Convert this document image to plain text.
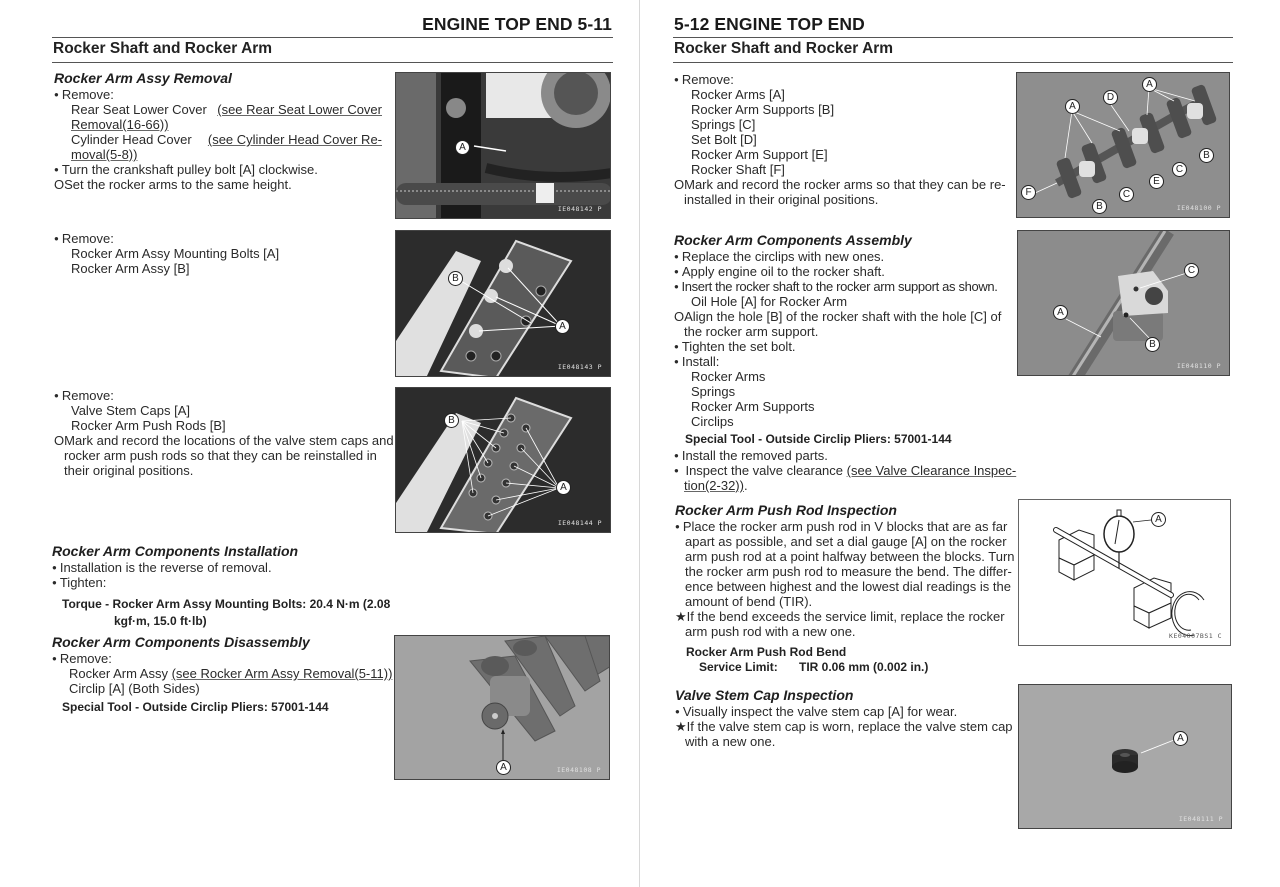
ENGINE TOP END 5-11
Rocker Shaft and Rocker Arm
Rocker Arm Assy Removal
● Remove:
Rear Seat Lower Cover (see Rear Seat Lower Cover
Removal(16-66))
Cylinder Head Cover (see Cylinder Head Cover Re-
moval(5-8))
● Turn the crankshaft pulley bolt [A] clockwise.
OSet the rocker arms to the same height.
● Remove:
Rocker Arm Assy Mounting Bolts [A]
Rocker Arm Assy [B]
● Remove:
Valve Stem Caps [A]
Rocker Arm Push Rods [B]
OMark and record the locations of the valve stem caps and
rocker arm push rods so that they can be reinstalled in
their original positions.
Rocker Arm Components Installation
● Installation is the reverse of removal.
● Tighten:
Torque - Rocker Arm Assy Mounting Bolts: 20.4 N·m (2.08
kgf·m, 15.0 ft·lb)
Rocker Arm Components Disassembly
● Remove:
Rocker Arm Assy (see Rocker Arm Assy Removal(5-11))
Circlip [A] (Both Sides)
Special Tool - Outside Circlip Pliers: 57001-144
A
IE048142 P
B
A
IE048143 P
B
A
IE048144 P
A	IE048108 P
5-12 ENGINE TOP END
Rocker Shaft and Rocker Arm
● Remove:
Rocker Arms [A]
Rocker Arm Supports [B]
Springs [C]
Set Bolt [D]
Rocker Arm Support [E]
Rocker Shaft [F]
OMark and record the rocker arms so that they can be re-
installed in their original positions.
Rocker Arm Components Assembly
● Replace the circlips with new ones.
● Apply engine oil to the rocker shaft.
● Insert the rocker shaft to the rocker arm support as shown.
Oil Hole [A] for Rocker Arm
OAlign the hole [B] of the rocker shaft with the hole [C] of
the rocker arm support.
● Tighten the set bolt.
● Install:
Rocker Arms
Springs
Rocker Arm Supports
Circlips
Special Tool - Outside Circlip Pliers: 57001-144
● Install the removed parts.
● Inspect the valve clearance (see Valve Clearance Inspec-
tion(2-32)).
Rocker Arm Push Rod Inspection
● Place the rocker arm push rod in V blocks that are as far
apart as possible, and set a dial gauge [A] on the rocker
arm push rod at a point halfway between the blocks. Turn
the rocker arm push rod to measure the bend. The differ-
ence between highest and the lowest dial readings is the
amount of bend (TIR).
★If the bend exceeds the service limit, replace the rocker
arm push rod with a new one.
Rocker Arm Push Rod Bend
Service Limit: TIR 0.06 mm (0.002 in.)
Valve Stem Cap Inspection
● Visually inspect the valve stem cap [A] for wear.
★If the valve stem cap is worn, replace the valve stem cap
with a new one.
A
A
D
B
C
E
C
B
F
IE048100 P
C
A
B
IE048110 P
A
KE04007BS1 C
A
IE048111 P
